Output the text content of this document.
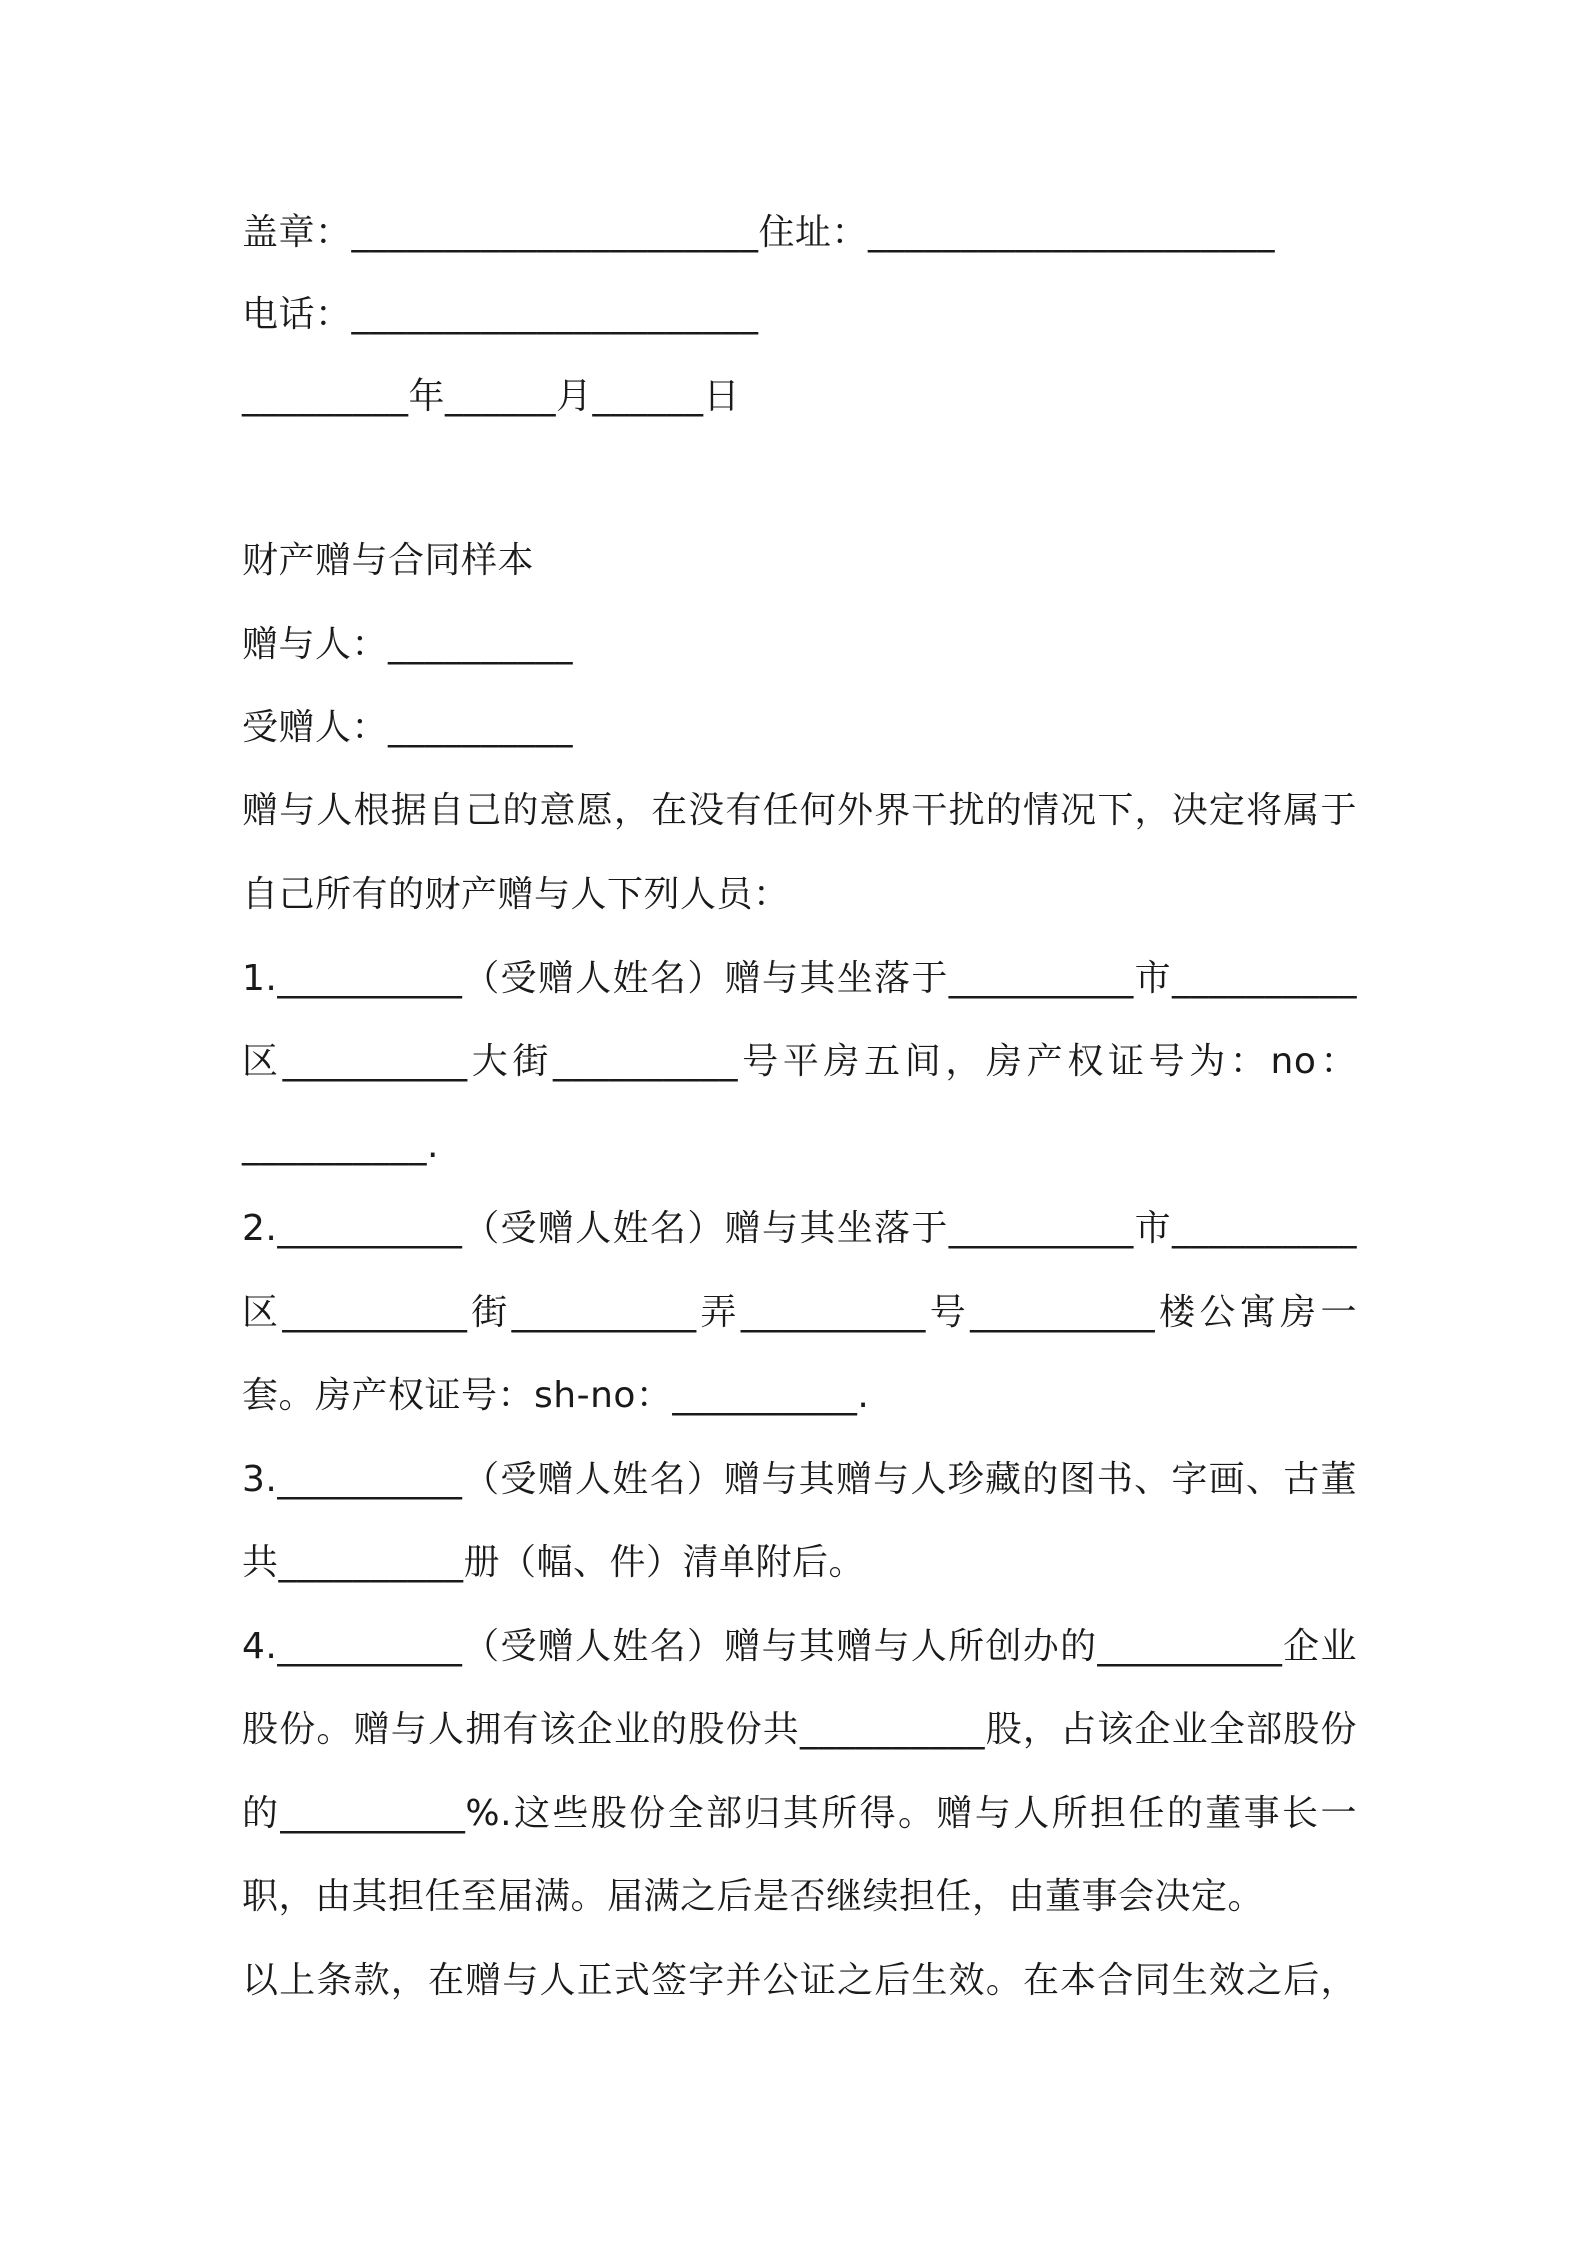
盖章：______________________住址：______________________
电话：______________________
_________年______月______日
财产赠与合同样本
赠与人：__________
受赠人：__________
赠与人根据自己的意愿，在没有任何外界干扰的情况下，决定将属于
自己所有的财产赠与人下列人员：
1.__________（受赠人姓名）赠与其坐落于__________市__________
区__________大街__________号平房五间，房产权证号为：no：
__________.
2.__________（受赠人姓名）赠与其坐落于__________市__________
区__________街__________弄__________号__________楼公寓房一
套。房产权证号：sh-no：__________.
3.__________（受赠人姓名）赠与其赠与人珍藏的图书、字画、古董
共__________册（幅、件）清单附后。
4.__________（受赠人姓名）赠与其赠与人所创办的__________企业
股份。赠与人拥有该企业的股份共__________股，占该企业全部股份
的__________%.这些股份全部归其所得。赠与人所担任的董事长一
职，由其担任至届满。届满之后是否继续担任，由董事会决定。
以上条款，在赠与人正式签字并公证之后生效。在本合同生效之后，
